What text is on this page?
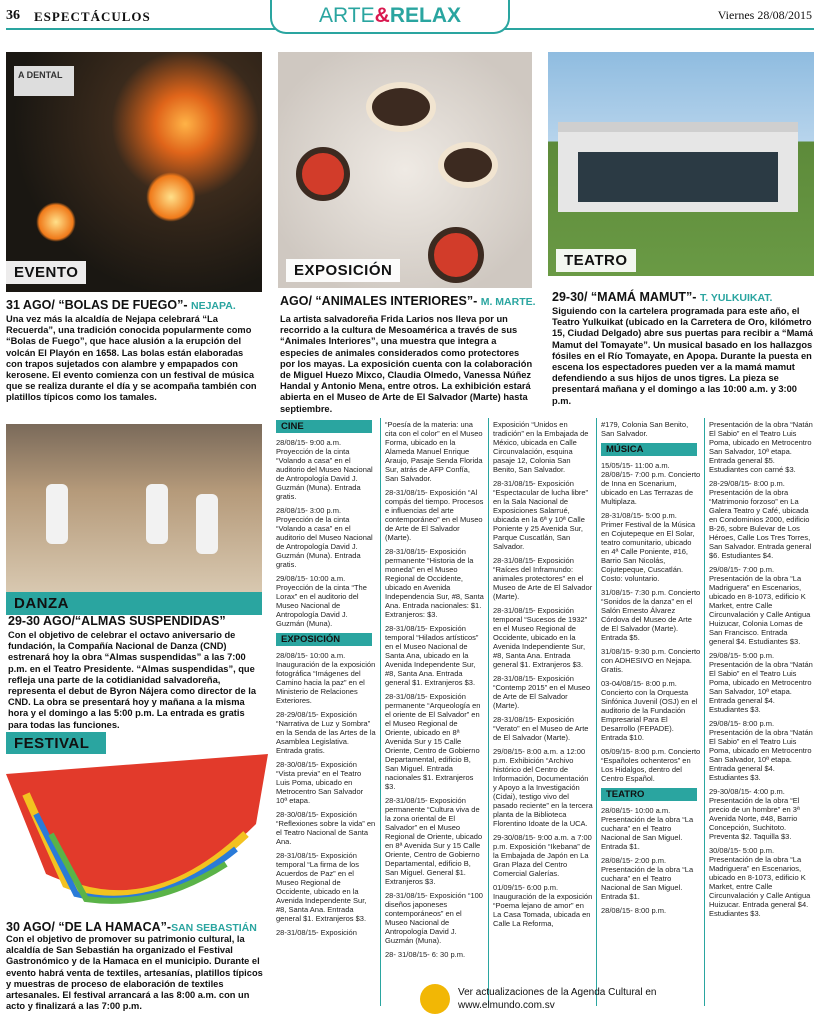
36 ESPECTÁCULOS	ARTE&RELAX	Viernes 28/08/2015
A DENTAL
EVENTO
31 AGO/ “BOLAS DE FUEGO”- NEJAPA.
Una vez más la alcaldía de Nejapa celebrará “La Recuerda”, una tradición conocida popularmente como “Bolas de Fuego”, que hace alusión a la erupción del volcán El Playón en 1658. Las bolas están elaboradas con trapos sujetados con alambre y empapados con kerosene. El evento comienza con un festival de música que se realiza durante el día y se acompaña también con platillos típicos como los tamales.
EXPOSICIÓN
AGO/ “ANIMALES INTERIORES”- M. MARTE.
La artista salvadoreña Frida Larios nos lleva por un recorrido a la cultura de Mesoamérica a través de sus “Animales Interiores”, una muestra que integra a especies de animales considerados como protectores por los mayas. La exposición cuenta con la colaboración de Miguel Huezo Mixco, Claudia Olmedo, Vanessa Núñez Handal y Antonio Mena, entre otros. La exhibición estará abierta en el Museo de Arte de El Salvador (Marte) hasta septiembre.
TEATRO
29-30/ “MAMÁ MAMUT”- T. YULKUIKAT.
Siguiendo con la cartelera programada para este año, el Teatro Yulkuikat (ubicado en la Carretera de Oro, kilómetro 15, Ciudad Delgado) abre sus puertas para recibir a “Mamá Mamut del Tomayate”. Un musical basado en los hallazgos fósiles en el Río Tomayate, en Apopa. Durante la puesta en escena los espectadores pueden ver a la mamá mamut defendiendo a sus hijos de unos tigres. La pieza se presentará mañana y el domingo a las 10:00 a.m. y 3:00 p.m.
DANZA
29-30 AGO/“ALMAS SUSPENDIDAS”
Con el objetivo de celebrar el octavo aniversario de fundación, la Compañía Nacional de Danza (CND) estrenará hoy la obra “Almas suspendidas” a las 7:00 p.m. en el Teatro Presidente. “Almas suspendidas”, que refleja una parte de la cotidianidad salvadoreña, representa el debut de Byron Nájera como director de la CND. La obra se presentará hoy y mañana a la misma hora y el domingo a las 5:00 p.m. La entrada es gratis para todas las funciones.
FESTIVAL
30 AGO/ “DE LA HAMACA”-SAN SEBASTIÁN
Con el objetivo de promover su patrimonio cultural, la alcaldía de San Sebastián ha organizado el Festival Gastronómico y de la Hamaca en el municipio. Durante el evento habrá venta de textiles, artesanías, platillos típicos y muestras de proceso de elaboración de textiles artesanales. El festival arrancará a las 8:00 a.m. con un acto y finalizará a las 7:00 p.m.
CINE

28/08/15- 9:00 a.m. Proyección de la cinta “Volando a casa” en el auditorio del Museo Nacional de Antropología David J. Guzmán (Muna). Entrada gratis.

28/08/15- 3:00 p.m. Proyección de la cinta “Volando a casa” en el auditorio del Museo Nacional de Antropología David J. Guzmán (Muna). Entrada gratis.

29/08/15- 10:00 a.m. Proyección de la cinta “The Lorax” en el auditorio del Museo Nacional de Antropología David J. Guzmán (Muna).

EXPOSICIÓN

28/08/15- 10:00 a.m. Inauguración de la exposición fotográfica “Imágenes del Camino hacia la paz” en el Ministerio de Relaciones Exteriores.

28-29/08/15- Exposición “Narrativa de Luz y Sombra” en la Senda de las Artes de la Asamblea Legislativa. Entrada gratis.

28-30/08/15- Exposición “Vista previa” en el Teatro Luis Poma, ubicado en Metrocentro San Salvador 10ª etapa.

28-30/08/15- Exposición “Reflexiones sobre la vida” en el Teatro Nacional de Santa Ana.

28-31/08/15- Exposición temporal “La firma de los Acuerdos de Paz” en el Museo Regional de Occidente, ubicado en la Avenida Independente Sur, #8, Santa Ana. Entrada general $1. Extranjeros $3.

28-31/08/15- Exposición

“Poesía de la materia: una cita con el color” en el Museo Forma, ubicado en la Alameda Manuel Enrique Araujo, Pasaje Senda Florida Sur, atrás de AFP Confía, San Salvador.

28-31/08/15- Exposición “Al compás del tiempo. Procesos e influencias del arte contemporáneo” en el Museo de Arte de El Salvador (Marte).

28-31/08/15- Exposición permanente “Historia de la moneda” en el Museo Regional de Occidente, ubicado en Avenida Independencia Sur, #8, Santa Ana. Entrada nacionales: $1. Extranjeros: $3.

28-31/08/15- Exposición temporal “Hilados artísticos” en el Museo Nacional de Santa Ana, ubicado en la Avenida Independente Sur, #8, Santa Ana. Entrada general $1. Extranjeros $3.

28-31/08/15- Exposición permanente “Arqueología en el oriente de El Salvador” en el Museo Regional de Oriente, ubicado en 8ª Avenida Sur y 15 Calle Oriente, Centro de Gobierno Departamental, edificio B, San Miguel. Entrada nacionales $1. Extranjeros $3.

28-31/08/15- Exposición permanente “Cultura viva de la zona oriental de El Salvador” en el Museo Regional de Oriente, ubicado en 8ª Avenida Sur y 15 Calle Oriente, Centro de Gobierno Departamental, edificio B, San Miguel. General $1. Extranjeros $3.

28-31/08/15- Exposición “100 diseños japoneses contemporáneos” en el Museo Nacional de Antropología David J. Guzmán (Muna).

28- 31/08/15- 6: 30 p.m.

Exposición “Unidos en tradición” en la Embajada de México, ubicada en Calle Circunvalación, esquina pasaje 12, Colonia San Benito, San Salvador.

28-31/08/15- Exposición “Espectacular de lucha libre” en la Sala Nacional de Exposiciones Salarrué, ubicada en la 6ª y 10ª Calle Poniente y 25 Avenida Sur, Parque Cuscatlán, San Salvador.

28-31/08/15- Exposición “Raíces del Inframundo: animales protectores” en el Museo de Arte de El Salvador (Marte).

28-31/08/15- Exposición temporal “Sucesos de 1932” en el Museo Regional de Occidente, ubicado en la Avenida Independiente Sur, #8, Santa Ana. Entrada general $1. Extranjeros $3.

28-31/08/15- Exposición “Contemp 2015” en el Museo de Arte de El Salvador (Marte).

28-31/08/15- Exposición “Verato” en el Museo de Arte de El Salvador (Marte).

29/08/15- 8:00 a.m. a 12:00 p.m. Exhibición “Archivo histórico del Centro de Información, Documentación y Apoyo a la Investigación (Cidai), testigo vivo del pasado reciente” en la tercera planta de la Biblioteca Florentino Idoate de la UCA.

29-30/08/15- 9:00 a.m. a 7:00 p.m. Exposición “Ikebana” de la Embajada de Japón en La Gran Plaza del Centro Comercial Galerías.

01/09/15- 6:00 p.m. Inauguración de la exposición “Poema lejano de amor” en La Casa Tomada, ubicada en Calle La Reforma,

#179, Colonia San Benito, San Salvador.

MÚSICA

15/05/15- 11:00 a.m. 28/08/15- 7:00 p.m. Concierto de Inna en Scenarium, ubicado en Las Terrazas de Multiplaza.

28-31/08/15- 5:00 p.m. Primer Festival de la Música en Cojutepeque en El Solar, teatro comunitario, ubicado en 4ª Calle Poniente, #16, Barrio San Nicolás, Cojutepeque, Cuscatlán. Costo: voluntario.

31/08/15- 7:30 p.m. Concierto “Sonidos de la danza” en el Salón Ernesto Álvarez Córdova del Museo de Arte de El Salvador (Marte). Entrada $5.

31/08/15- 9:30 p.m. Concierto con ADHESIVO en Nejapa. Gratis.

03-04/08/15- 8:00 p.m. Concierto con la Orquesta Sinfónica Juvenil (OSJ) en el auditorio de la Fundación Empresarial Para El Desarrollo (FEPADE). Entrada $10.

05/09/15- 8:00 p.m. Concierto “Españoles ochenteros” en Los Hidalgos, dentro del Centro Español.

TEATRO

28/08/15- 10:00 a.m. Presentación de la obra “La cuchara” en el Teatro Nacional de San Miguel. Entrada $1.

28/08/15- 2:00 p.m. Presentación de la obra “La cuchara” en el Teatro Nacional de San Miguel. Entrada $1.

28/08/15- 8:00 p.m.

Presentación de la obra “Natán El Sabio” en el Teatro Luis Poma, ubicado en Metrocentro San Salvador, 10ª etapa. Entrada general $5. Estudiantes con carné $3.

28-29/08/15- 8:00 p.m. Presentación de la obra “Matrimonio forzoso” en La Galera Teatro y Café, ubicada en Condominios 2000, edificio B-26, sobre Bulevar de Los Héroes, Calle Los Tres Torres, San Salvador. Entrada general $6. Estudiantes $4.

29/08/15- 7:00 p.m. Presentación de la obra “La Madriguera” en Escenarios, ubicado en 8-1073, edificio K Market, entre Calle Circunvalación y Calle Antigua Huizucar, Colonia Lomas de San Francisco. Entrada general $4. Estudiantes $3.

29/08/15- 5:00 p.m. Presentación de la obra “Natán El Sabio” en el Teatro Luis Poma, ubicado en Metrocentro San Salvador, 10ª etapa. Entrada general $4. Estudiantes $3.

29/08/15- 8:00 p.m. Presentación de la obra “Natán El Sabio” en el Teatro Luis Poma, ubicado en Metrocentro San Salvador, 10ª etapa. Entrada general $4. Estudiantes $3.

29-30/08/15- 4:00 p.m. Presentación de la obra “El precio de un hombre” en 3ª Avenida Norte, #48, Barrio Concepción, Suchitoto. Preventa $2. Taquilla $3.

30/08/15- 5:00 p.m. Presentación de la obra “La Madriguera” en Escenarios, ubicado en 8-1073, edificio K Market, entre Calle Circunvalación y Calle Antigua Huizucar. Entrada general $4. Estudiantes $3.

Ver actualizaciones de la Agenda Cultural en
www.elmundo.com.sv
